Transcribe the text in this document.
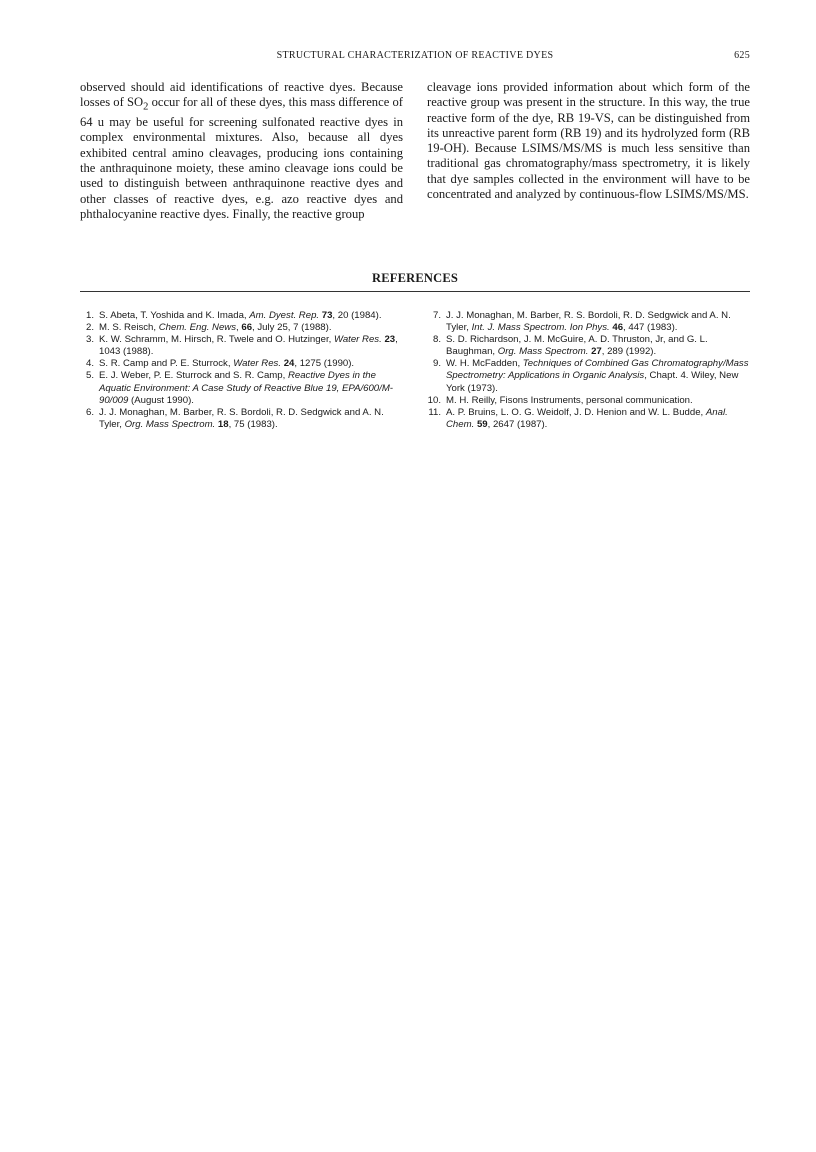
STRUCTURAL CHARACTERIZATION OF REACTIVE DYES	625

observed should aid identifications of reactive dyes. Because losses of $SO_2$ occur for all of these dyes, this mass difference of 64 u may be useful for screening sulfonated reactive dyes in complex environmental mixtures. Also, because all dyes exhibited central amino cleavages, producing ions containing the anthraquinone moiety, these amino cleavage ions could be used to distinguish between anthraquinone reactive dyes and other classes of reactive dyes, e.g. azo reactive dyes and phthalocyanine reactive dyes. Finally, the reactive group

cleavage ions provided information about which form of the reactive group was present in the structure. In this way, the true reactive form of the dye, RB 19-VS, can be distinguished from its unreactive parent form (RB 19) and its hydrolyzed form (RB 19-OH). Because LSIMS/MS/MS is much less sensitive than traditional gas chromatography/mass spectrometry, it is likely that dye samples collected in the environment will have to be concentrated and analyzed by continuous-flow LSIMS/MS/MS.

REFERENCES
1. S. Abeta, T. Yoshida and K. Imada, Am. Dyest. Rep. 73, 20 (1984).
2. M. S. Reisch, Chem. Eng. News, 66, July 25, 7 (1988).
3. K. W. Schramm, M. Hirsch, R. Twele and O. Hutzinger, Water Res. 23, 1043 (1988).
4. S. R. Camp and P. E. Sturrock, Water Res. 24, 1275 (1990).
5. E. J. Weber, P. E. Sturrock and S. R. Camp, Reactive Dyes in the Aquatic Environment: A Case Study of Reactive Blue 19, EPA/600/M-90/009 (August 1990).
6. J. J. Monaghan, M. Barber, R. S. Bordoli, R. D. Sedgwick and A. N. Tyler, Org. Mass Spectrom. 18, 75 (1983).
7. J. J. Monaghan, M. Barber, R. S. Bordoli, R. D. Sedgwick and A. N. Tyler, Int. J. Mass Spectrom. Ion Phys. 46, 447 (1983).
8. S. D. Richardson, J. M. McGuire, A. D. Thruston, Jr, and G. L. Baughman, Org. Mass Spectrom. 27, 289 (1992).
9. W. H. McFadden, Techniques of Combined Gas Chromatography/Mass Spectrometry: Applications in Organic Analysis, Chapt. 4. Wiley, New York (1973).
10. M. H. Reilly, Fisons Instruments, personal communication.
11. A. P. Bruins, L. O. G. Weidolf, J. D. Henion and W. L. Budde, Anal. Chem. 59, 2647 (1987).
